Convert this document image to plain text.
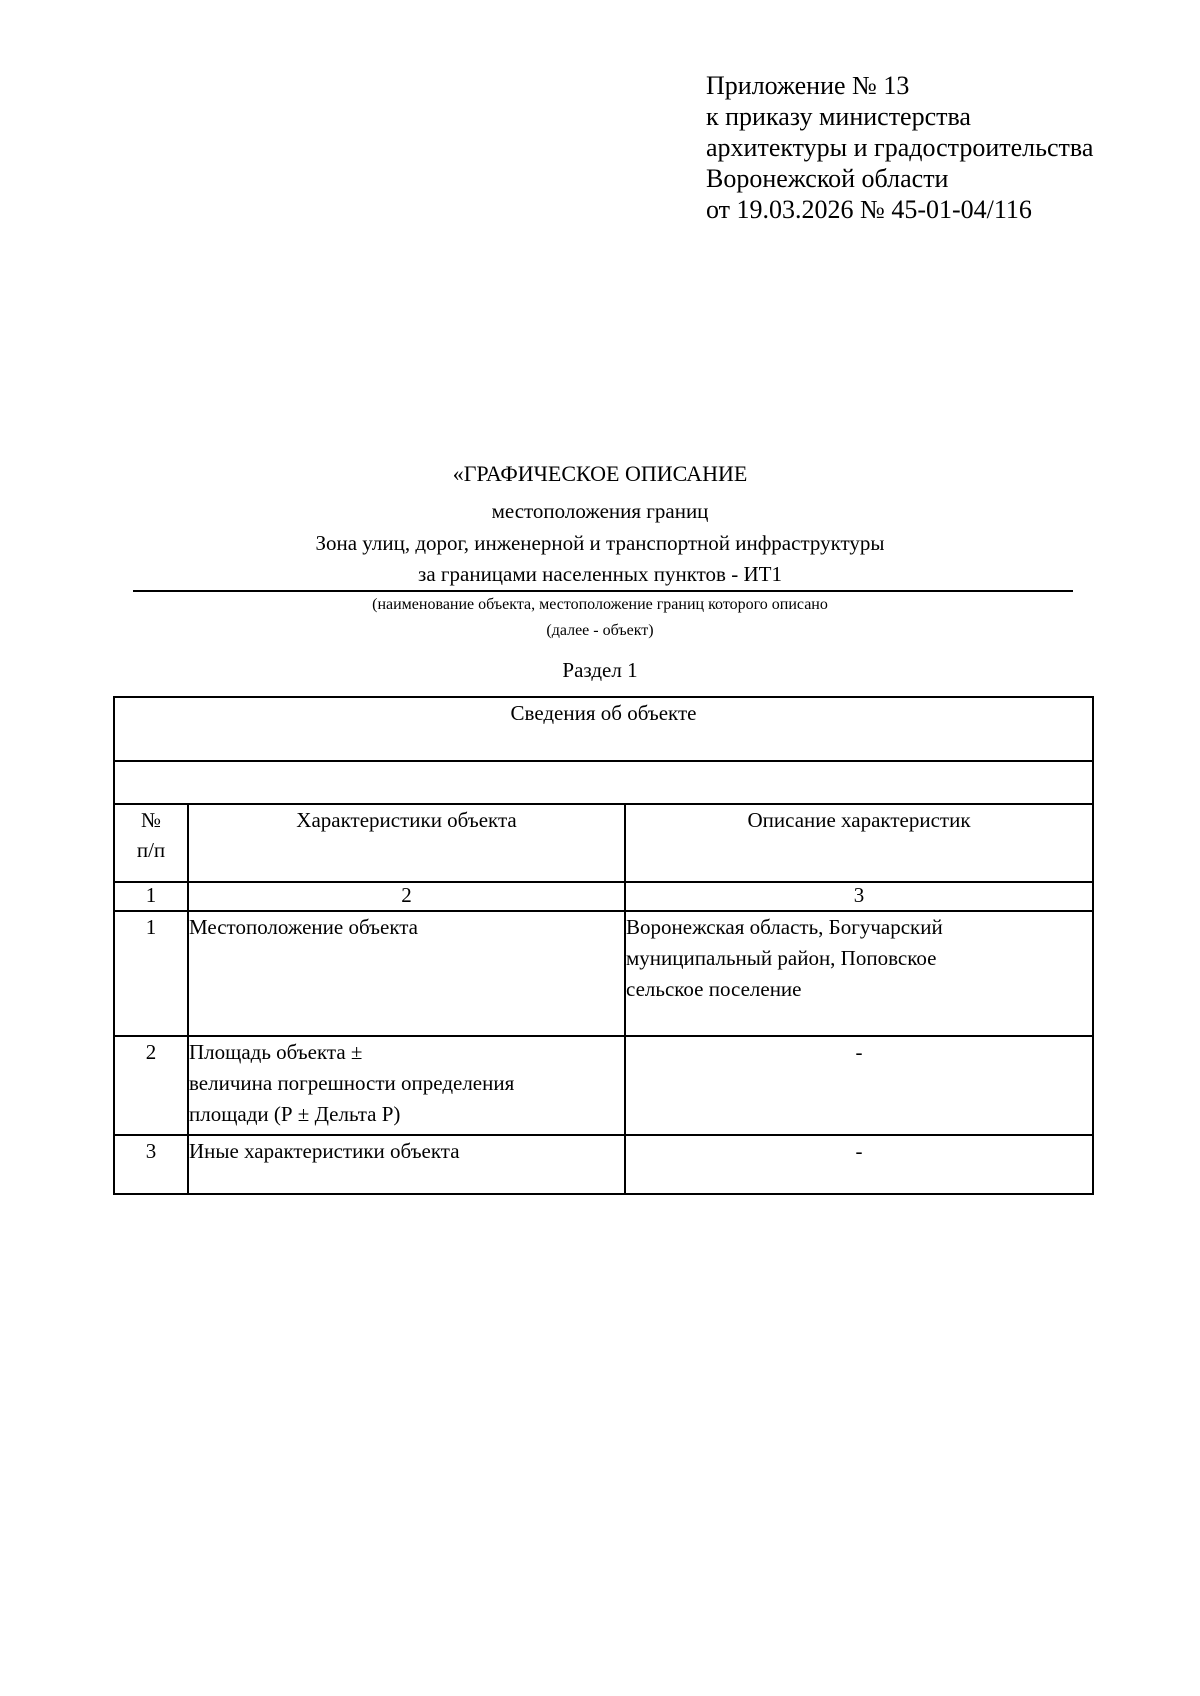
Приложение № 13
к приказу министерства
архитектуры и градостроительства
Воронежской области
от 19.03.2026 № 45-01-04/116
«ГРАФИЧЕСКОЕ ОПИСАНИЕ
местоположения границ
Зона улиц, дорог, инженерной и транспортной инфраструктуры
за границами населенных пунктов - ИТ1
(наименование объекта, местоположение границ которого описано
(далее - объект)
Раздел 1
Сведения об объекте		

№
п/п	Характеристики объекта	Описание характеристик
1	2	3
1	Местоположение объекта	Воронежская область, Богучарский
муниципальный район, Поповское
сельское поселение

2	Площадь объекта ±
величина погрешности определения
площади (Р ± Дельта Р)	-
3	Иные характеристики объекта	-
